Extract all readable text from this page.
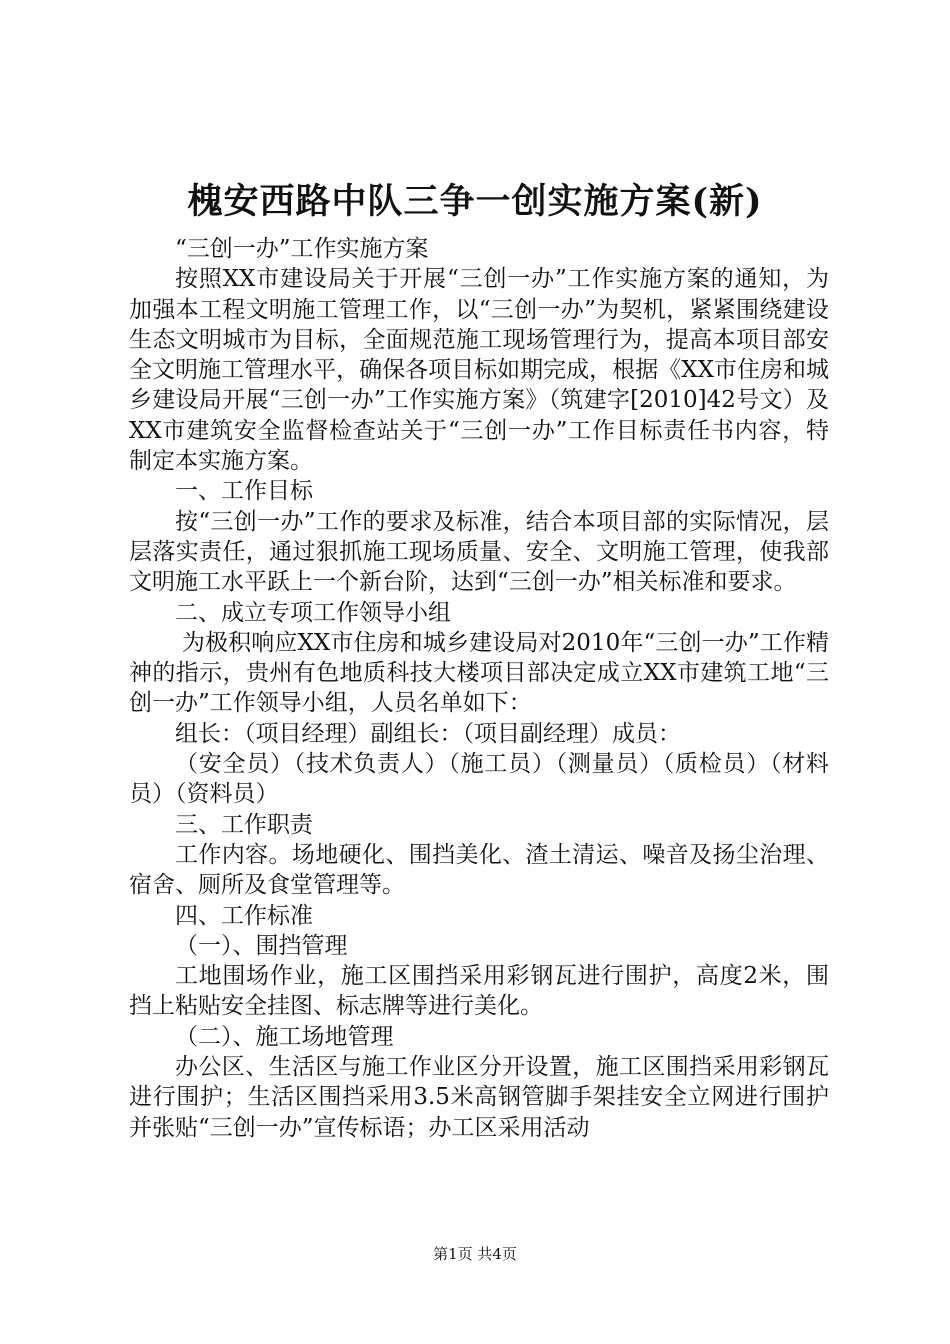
槐安西路中队三争一创实施方案(新)

“三创一办”工作实施方案

按照XX市建设局关于开展“三创一办”工作实施方案的通知，为加强本工程文明施工管理工作，以“三创一办”为契机，紧紧围绕建设生态文明城市为目标，全面规范施工现场管理行为，提高本项目部安全文明施工管理水平，确保各项目标如期完成，根据《XX市住房和城乡建设局开展“三创一办”工作实施方案》（筑建字[2010]42号文）及XX市建筑安全监督检查站关于“三创一办”工作目标责任书内容，特制定本实施方案。

一、工作目标

按“三创一办”工作的要求及标准，结合本项目部的实际情况，层层落实责任，通过狠抓施工现场质量、安全、文明施工管理，使我部文明施工水平跃上一个新台阶，达到“三创一办”相关标准和要求。

二、成立专项工作领导小组

为极积响应XX市住房和城乡建设局对2010年“三创一办”工作精神的指示，贵州有色地质科技大楼项目部决定成立XX市建筑工地“三创一办”工作领导小组，人员名单如下：

组长：（项目经理）副组长：（项目副经理）成员：

（安全员）（技术负责人）（施工员）（测量员）（质检员）（材料员）（资料员）

三、工作职责

工作内容。场地硬化、围挡美化、渣土清运、噪音及扬尘治理、宿舍、厕所及食堂管理等。

四、工作标准

（一）、围挡管理

工地围场作业，施工区围挡采用彩钢瓦进行围护，高度2米，围挡上粘贴安全挂图、标志牌等进行美化。

（二）、施工场地管理

办公区、生活区与施工作业区分开设置，施工区围挡采用彩钢瓦进行围护；生活区围挡采用3.5米高钢管脚手架挂安全立网进行围护并张贴“三创一办”宣传标语；办工区采用活动

第1页 共4页
